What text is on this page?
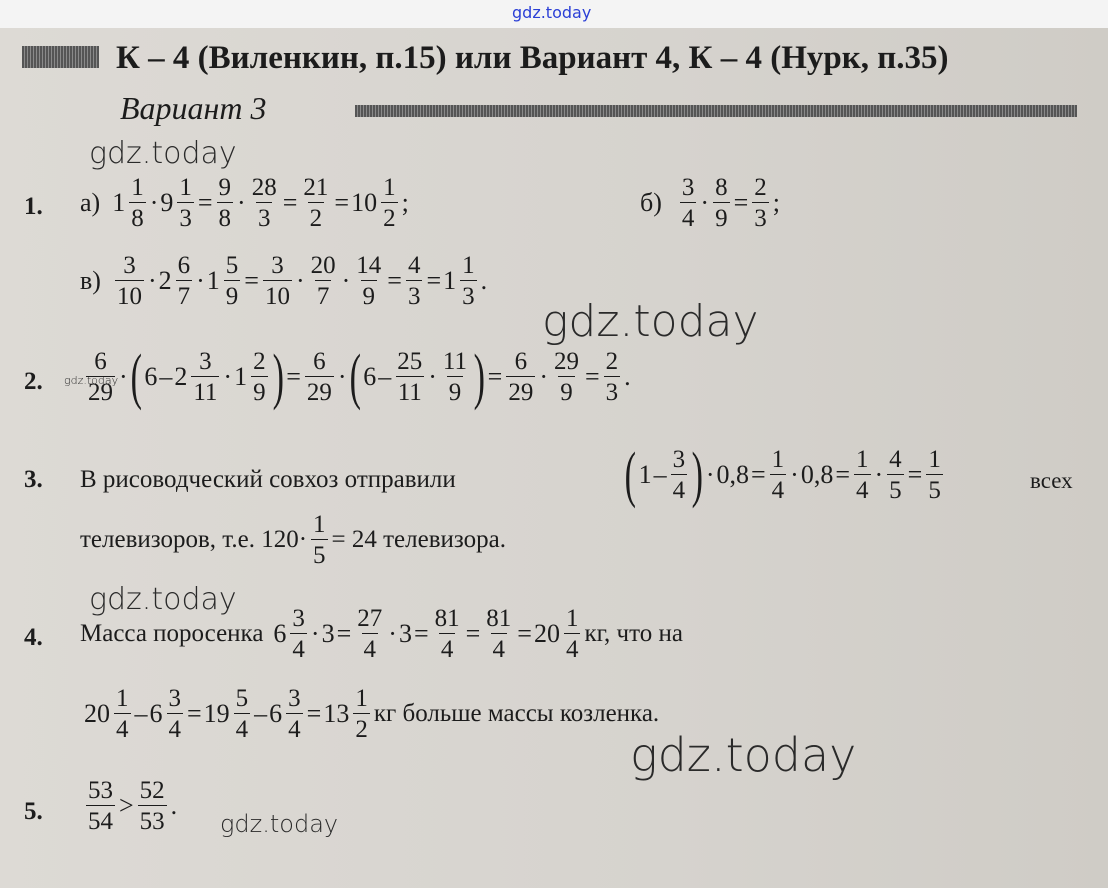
gdz.today
К – 4 (Виленкин, п.15) или Вариант 4, К – 4 (Нурк, п.35)
Вариант 3
gdz.today
1. а) $1 \frac{1}{8} \cdot 9 \frac{1}{3} = \frac{9}{8} \cdot \frac{28}{3} = \frac{21}{2} = 10 \frac{1}{2}$ ;	$б) \frac{3}{4} \cdot \frac{8}{9} = \frac{2}{3}$ ;
$в) \frac{3}{10} \cdot 2 \frac{6}{7} \cdot 1 \frac{5}{9} = \frac{3}{10} \cdot \frac{20}{7} \cdot \frac{14}{9} = \frac{4}{3} = 1 \frac{1}{3}$ .
gdz.today
2. gdz.today
$\frac{6}{29}$ · ( $6 - 2 \frac{3}{11} \cdot 1 \frac{2}{9}$ ) = $\frac{6}{29}$ · ( $6 - \frac{25}{11} \cdot \frac{11}{9}$ ) = $\frac{6}{29} \cdot \frac{29}{9} = \frac{2}{3}$ .
3. В рисоводческий совхоз отправили	( $1 - \frac{3}{4}$ ) · $0,8 = \frac{1}{4} \cdot 0,8 = \frac{1}{4} \cdot \frac{4}{5} = \frac{1}{5}$	всех
телевизоров, т.е. $120\cdot \frac{1}{5} = 24$ телевизора.
gdz.today
4. Масса поросенка $6 \frac{3}{4} \cdot 3 = \frac{27}{4} \cdot 3 = \frac{81}{4} = \frac{81}{4} = 20 \frac{1}{4}$ кг, что на
$20 \frac{1}{4} - 6 \frac{3}{4} = 19 \frac{5}{4} - 6 \frac{3}{4} = 13 \frac{1}{2}$ кг больше массы козленка.
gdz.today
5. $\frac{53}{54} > \frac{52}{53}$ .
gdz.today
